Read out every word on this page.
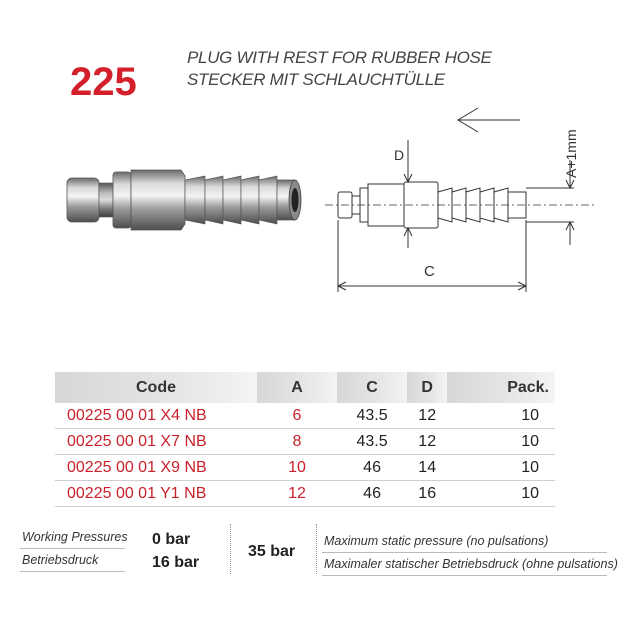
225
PLUG WITH REST FOR RUBBER HOSE
STECKER MIT SCHLAUCHTÜLLE
D
C
A+1mm
Code	A	C	D	Pack.
00225 00 01 X4 NB	6	43.5	12	10
00225 00 01 X7 NB	8	43.5	12	10
00225 00 01 X9 NB	10	46	14	10
00225 00 01 Y1 NB	12	46	16	10
Working Pressures
Betriebsdruck
0 bar
16 bar
35 bar
Maximum static pressure (no pulsations)
Maximaler statischer Betriebsdruck (ohne pulsations)
